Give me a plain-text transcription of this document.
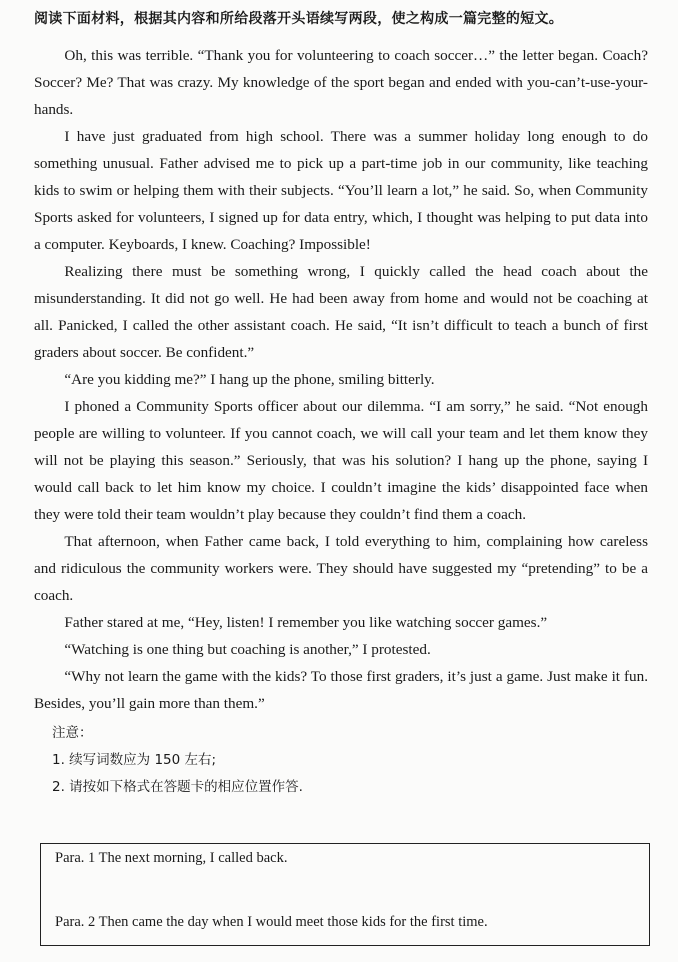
阅读下面材料，根据其内容和所给段落开头语续写两段，使之构成一篇完整的短文。

Oh, this was terrible. “Thank you for volunteering to coach soccer…” the letter began. Coach? Soccer? Me? That was crazy. My knowledge of the sport began and ended with you-can’t-use-your-hands.

I have just graduated from high school. There was a summer holiday long enough to do something unusual. Father advised me to pick up a part-time job in our community, like teaching kids to swim or helping them with their subjects. “You’ll learn a lot,” he said. So, when Community Sports asked for volunteers, I signed up for data entry, which, I thought was helping to put data into a computer. Keyboards, I knew. Coaching? Impossible!

Realizing there must be something wrong, I quickly called the head coach about the misunderstanding. It did not go well. He had been away from home and would not be coaching at all. Panicked, I called the other assistant coach. He said, “It isn’t difficult to teach a bunch of first graders about soccer. Be confident.”

“Are you kidding me?” I hang up the phone, smiling bitterly.

I phoned a Community Sports officer about our dilemma. “I am sorry,” he said. “Not enough people are willing to volunteer. If you cannot coach, we will call your team and let them know they will not be playing this season.” Seriously, that was his solution? I hang up the phone, saying I would call back to let him know my choice. I couldn’t imagine the kids’ disappointed face when they were told their team wouldn’t play because they couldn’t find them a coach.

That afternoon, when Father came back, I told everything to him, complaining how careless and ridiculous the community workers were. They should have suggested my “pretending” to be a coach.

Father stared at me, “Hey, listen! I remember you like watching soccer games.”

“Watching is one thing but coaching is another,” I protested.

“Why not learn the game with the kids? To those first graders, it’s just a game. Just make it fun. Besides, you’ll gain more than them.”

注意：
1. 续写词数应为 150 左右;
2. 请按如下格式在答题卡的相应位置作答.
Para. 1 The next morning, I called back.
Para. 2 Then came the day when I would meet those kids for the first time.
